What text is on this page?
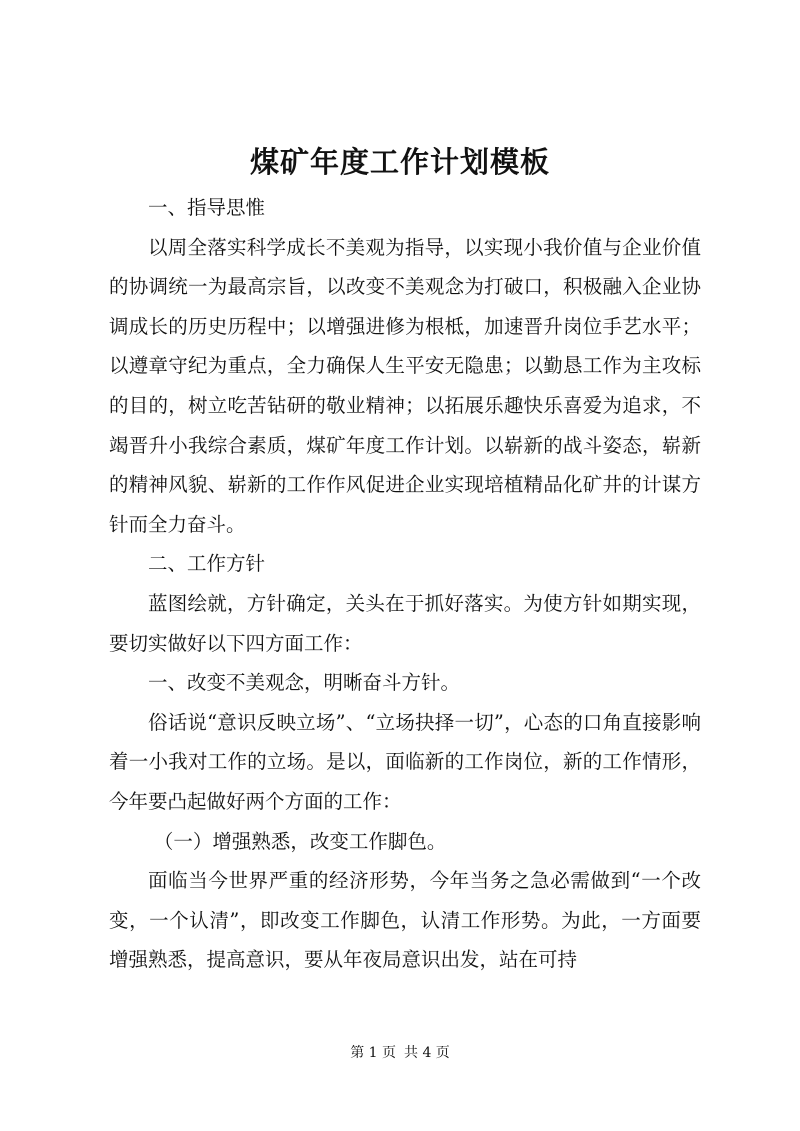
煤矿年度工作计划模板

一、指导思惟

以周全落实科学成长不美观为指导，以实现小我价值与企业价值的协调统一为最高宗旨，以改变不美观念为打破口，积极融入企业协调成长的历史历程中；以增强进修为根柢，加速晋升岗位手艺水平；以遵章守纪为重点，全力确保人生平安无隐患；以勤恳工作为主攻标的目的，树立吃苦钻研的敬业精神；以拓展乐趣快乐喜爱为追求，不竭晋升小我综合素质，煤矿年度工作计划。以崭新的战斗姿态，崭新的精神风貌、崭新的工作作风促进企业实现培植精品化矿井的计谋方针而全力奋斗。

二、工作方针

蓝图绘就，方针确定，关头在于抓好落实。为使方针如期实现，要切实做好以下四方面工作：

一、改变不美观念，明晰奋斗方针。

俗话说“意识反映立场”、“立场抉择一切”，心态的口角直接影响着一小我对工作的立场。是以，面临新的工作岗位，新的工作情形，今年要凸起做好两个方面的工作：

（一）增强熟悉，改变工作脚色。

面临当今世界严重的经济形势，今年当务之急必需做到“一个改变，一个认清”，即改变工作脚色，认清工作形势。为此，一方面要增强熟悉，提高意识，要从年夜局意识出发，站在可持

第 1 页 共 4 页
